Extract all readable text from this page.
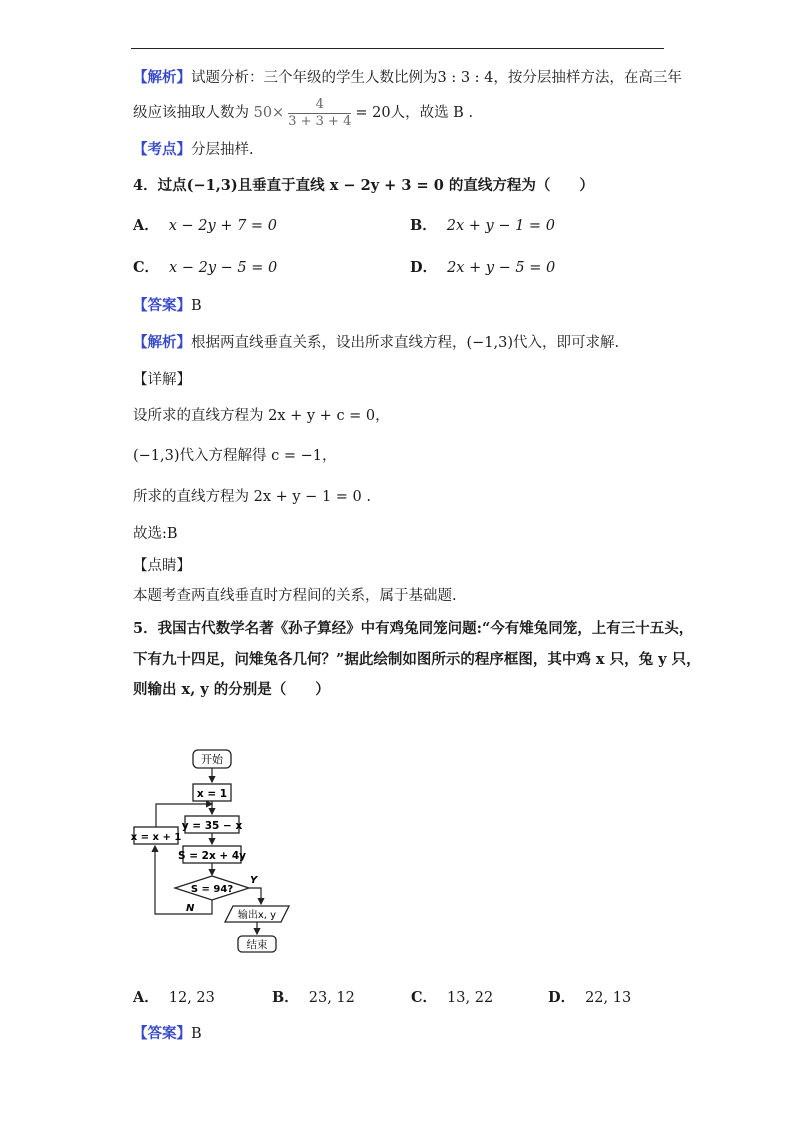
【解析】试题分析：三个年级的学生人数比例为3 : 3 : 4，按分层抽样方法，在高三年
级应该抽取人数为 $50\times \frac{4}{3 + 3 + 4} = 20$人，故选 B .
【考点】分层抽样.
4．过点(−1,3)且垂直于直线 x − 2y + 3 = 0 的直线方程为（　　）
A． x − 2y + 7 = 0	B． 2x + y − 1 = 0
C． x − 2y − 5 = 0	D． 2x + y − 5 = 0
【答案】B
【解析】根据两直线垂直关系，设出所求直线方程，(−1,3)代入，即可求解.
【详解】
设所求的直线方程为 2x + y + c = 0，
(−1,3)代入方程解得 c = −1，
所求的直线方程为 2x + y − 1 = 0 .
故选:B
【点睛】
本题考查两直线垂直时方程间的关系，属于基础题.
5．我国古代数学名著《孙子算经》中有鸡兔同笼问题:“今有雉兔同笼，上有三十五头，
下有九十四足，问雉兔各几何？”据此绘制如图所示的程序框图，其中鸡 x 只，兔 y 只，
则输出 x, y 的分别是（　　）
开始
x = 1
y = 35 − x
S = 2x + 4y
S = 94?
Y
输出x, y
结束
N
x = x + 1
A． 12, 23	B． 23, 12	C． 13, 22	D． 22, 13
【答案】B
